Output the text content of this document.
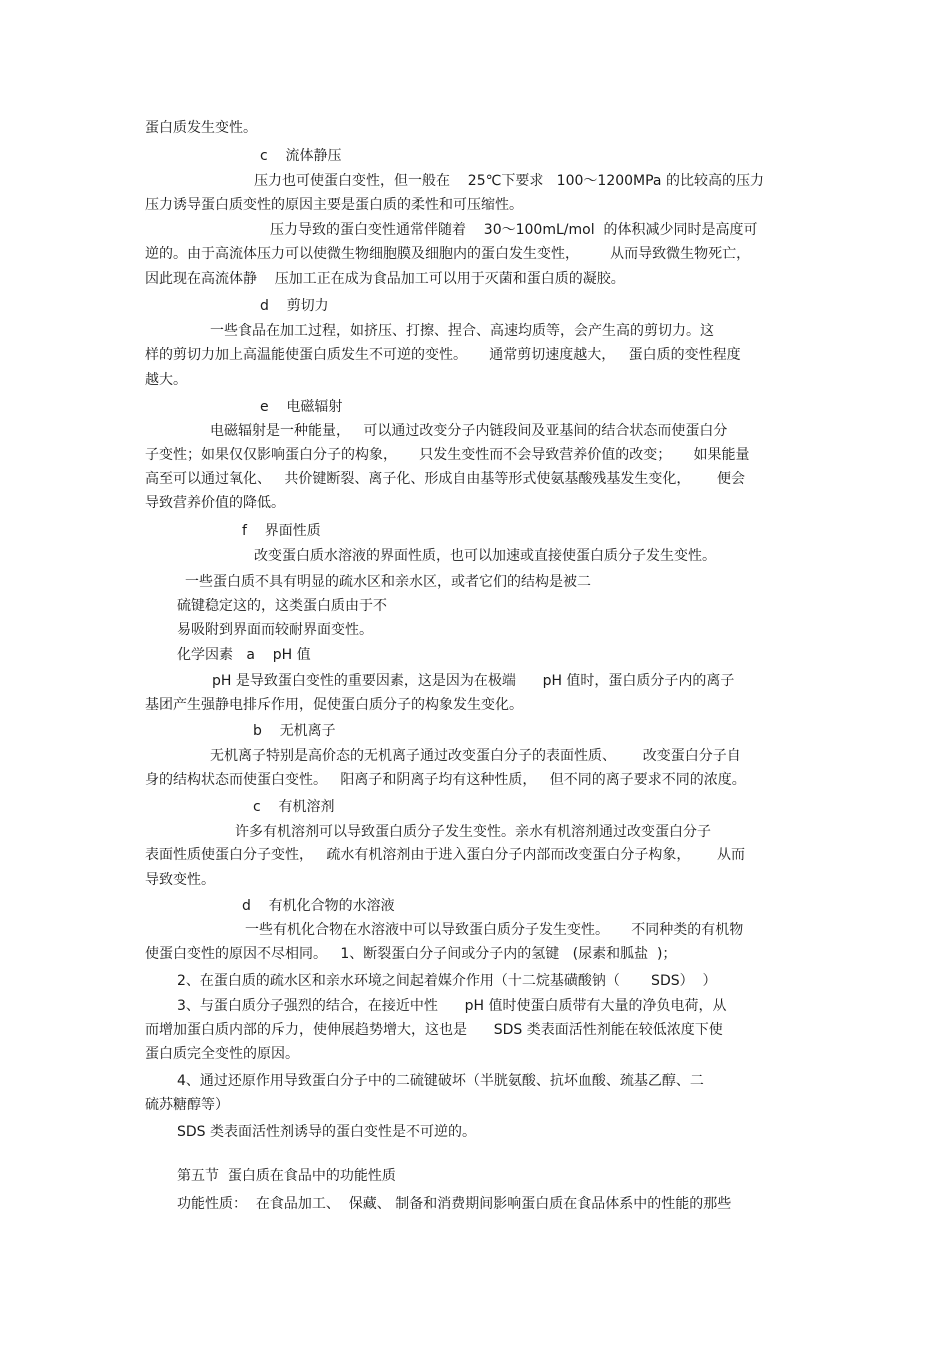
蛋白质发生变性。
c    流体静压
压力也可使蛋白变性，但一般在    25℃下要求   100～1200MPa 的比较高的压力
压力诱导蛋白质变性的原因主要是蛋白质的柔性和可压缩性。
压力导致的蛋白变性通常伴随着    30～100mL/mol  的体积减少同时是高度可
逆的。由于高流体压力可以使微生物细胞膜及细胞内的蛋白发生变性，       从而导致微生物死亡，
因此现在高流体静    压加工正在成为食品加工可以用于灭菌和蛋白质的凝胶。
d    剪切力
一些食品在加工过程，如挤压、打擦、捏合、高速均质等，会产生高的剪切力。这
样的剪切力加上高温能使蛋白质发生不可逆的变性。     通常剪切速度越大，   蛋白质的变性程度
越大。
e    电磁辐射
电磁辐射是一种能量，   可以通过改变分子内链段间及亚基间的结合状态而使蛋白分
子变性；如果仅仅影响蛋白分子的构象，     只发生变性而不会导致营养价值的改变；     如果能量
高至可以通过氧化、   共价键断裂、离子化、形成自由基等形式使氨基酸残基发生变化，      便会
导致营养价值的降低。
f    界面性质
改变蛋白质水溶液的界面性质，也可以加速或直接使蛋白质分子发生变性。
一些蛋白质不具有明显的疏水区和亲水区，或者它们的结构是被二
硫键稳定这的，这类蛋白质由于不
易吸附到界面而较耐界面变性。
化学因素   a    pH 值
pH 是导致蛋白变性的重要因素，这是因为在极端      pH 值时，蛋白质分子内的离子
基团产生强静电排斥作用，促使蛋白质分子的构象发生变化。
b    无机离子
无机离子特别是高价态的无机离子通过改变蛋白分子的表面性质、      改变蛋白分子自
身的结构状态而使蛋白变性。   阳离子和阴离子均有这种性质，   但不同的离子要求不同的浓度。
c    有机溶剂
许多有机溶剂可以导致蛋白质分子发生变性。亲水有机溶剂通过改变蛋白分子
表面性质使蛋白分子变性，   疏水有机溶剂由于进入蛋白分子内部而改变蛋白分子构象，      从而
导致变性。
d    有机化合物的水溶液
一些有机化合物在水溶液中可以导致蛋白质分子发生变性。     不同种类的有机物
使蛋白变性的原因不尽相同。   1、断裂蛋白分子间或分子内的氢键   (尿素和胍盐  )；
2、在蛋白质的疏水区和亲水环境之间起着媒介作用（十二烷基磺酸钠（       SDS）  ）
3、与蛋白质分子强烈的结合，在接近中性      pH 值时使蛋白质带有大量的净负电荷，从
而增加蛋白质内部的斥力，使伸展趋势增大，这也是      SDS 类表面活性剂能在较低浓度下使
蛋白质完全变性的原因。
4、通过还原作用导致蛋白分子中的二硫键破坏（半胱氨酸、抗坏血酸、巯基乙醇、二
硫苏糖醇等）
SDS 类表面活性剂诱导的蛋白变性是不可逆的。
第五节  蛋白质在食品中的功能性质
功能性质：  在食品加工、  保藏、 制备和消费期间影响蛋白质在食品体系中的性能的那些
